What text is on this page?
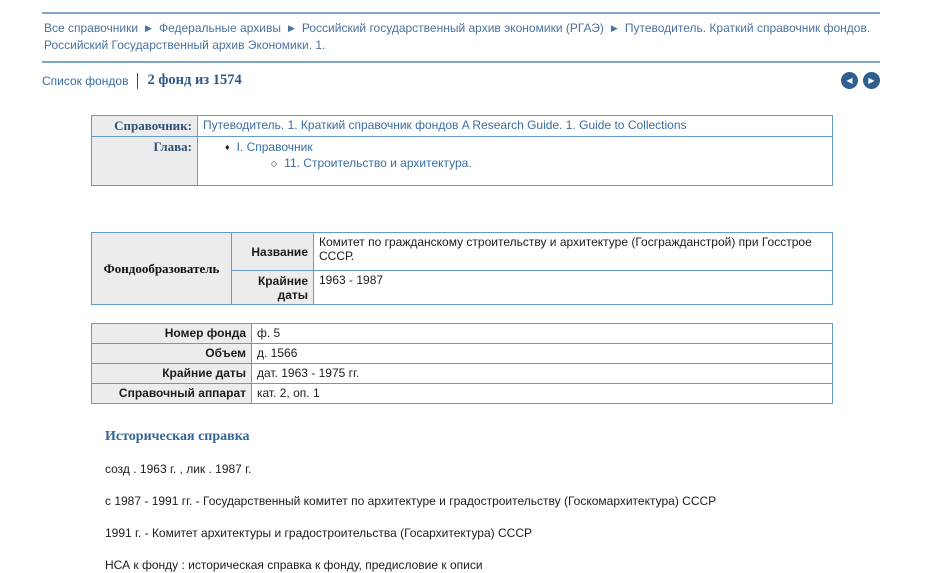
Все справочники ▶ Федеральные архивы ▶ Российский государственный архив экономики (РГАЭ) ▶ Путеводитель. Краткий справочник фондов. Российский Государственный архив Экономики. 1.
Список фондов 2 фонд из 1574	◀	▶
Справочник:	Путеводитель. 1. Краткий справочник фондов A Research Guide. 1. Guide to Collections
Глава:	♦ I. Справочник
◇ 11. Строительство и архитектура.
Фондообразователь	Название	Комитет по гражданскому строительству и архитектуре (Госгражданстрой) при Госстрое СССР.
	Крайние даты	1963 - 1987
Номер фонда	ф. 5
Объем	д. 1566
Крайние даты	дат. 1963 - 1975 гг.
Справочный аппарат	кат. 2, оп. 1
Историческая справка
созд . 1963 г. , лик . 1987 г.
с 1987 - 1991 гг. - Государственный комитет по архитектуре и градостроительству (Госкомархитектура) СССР
1991 г. - Комитет архитектуры и градостроительства (Госархитектура) СССР
НСА к фонду : историческая справка к фонду, предисловие к описи
